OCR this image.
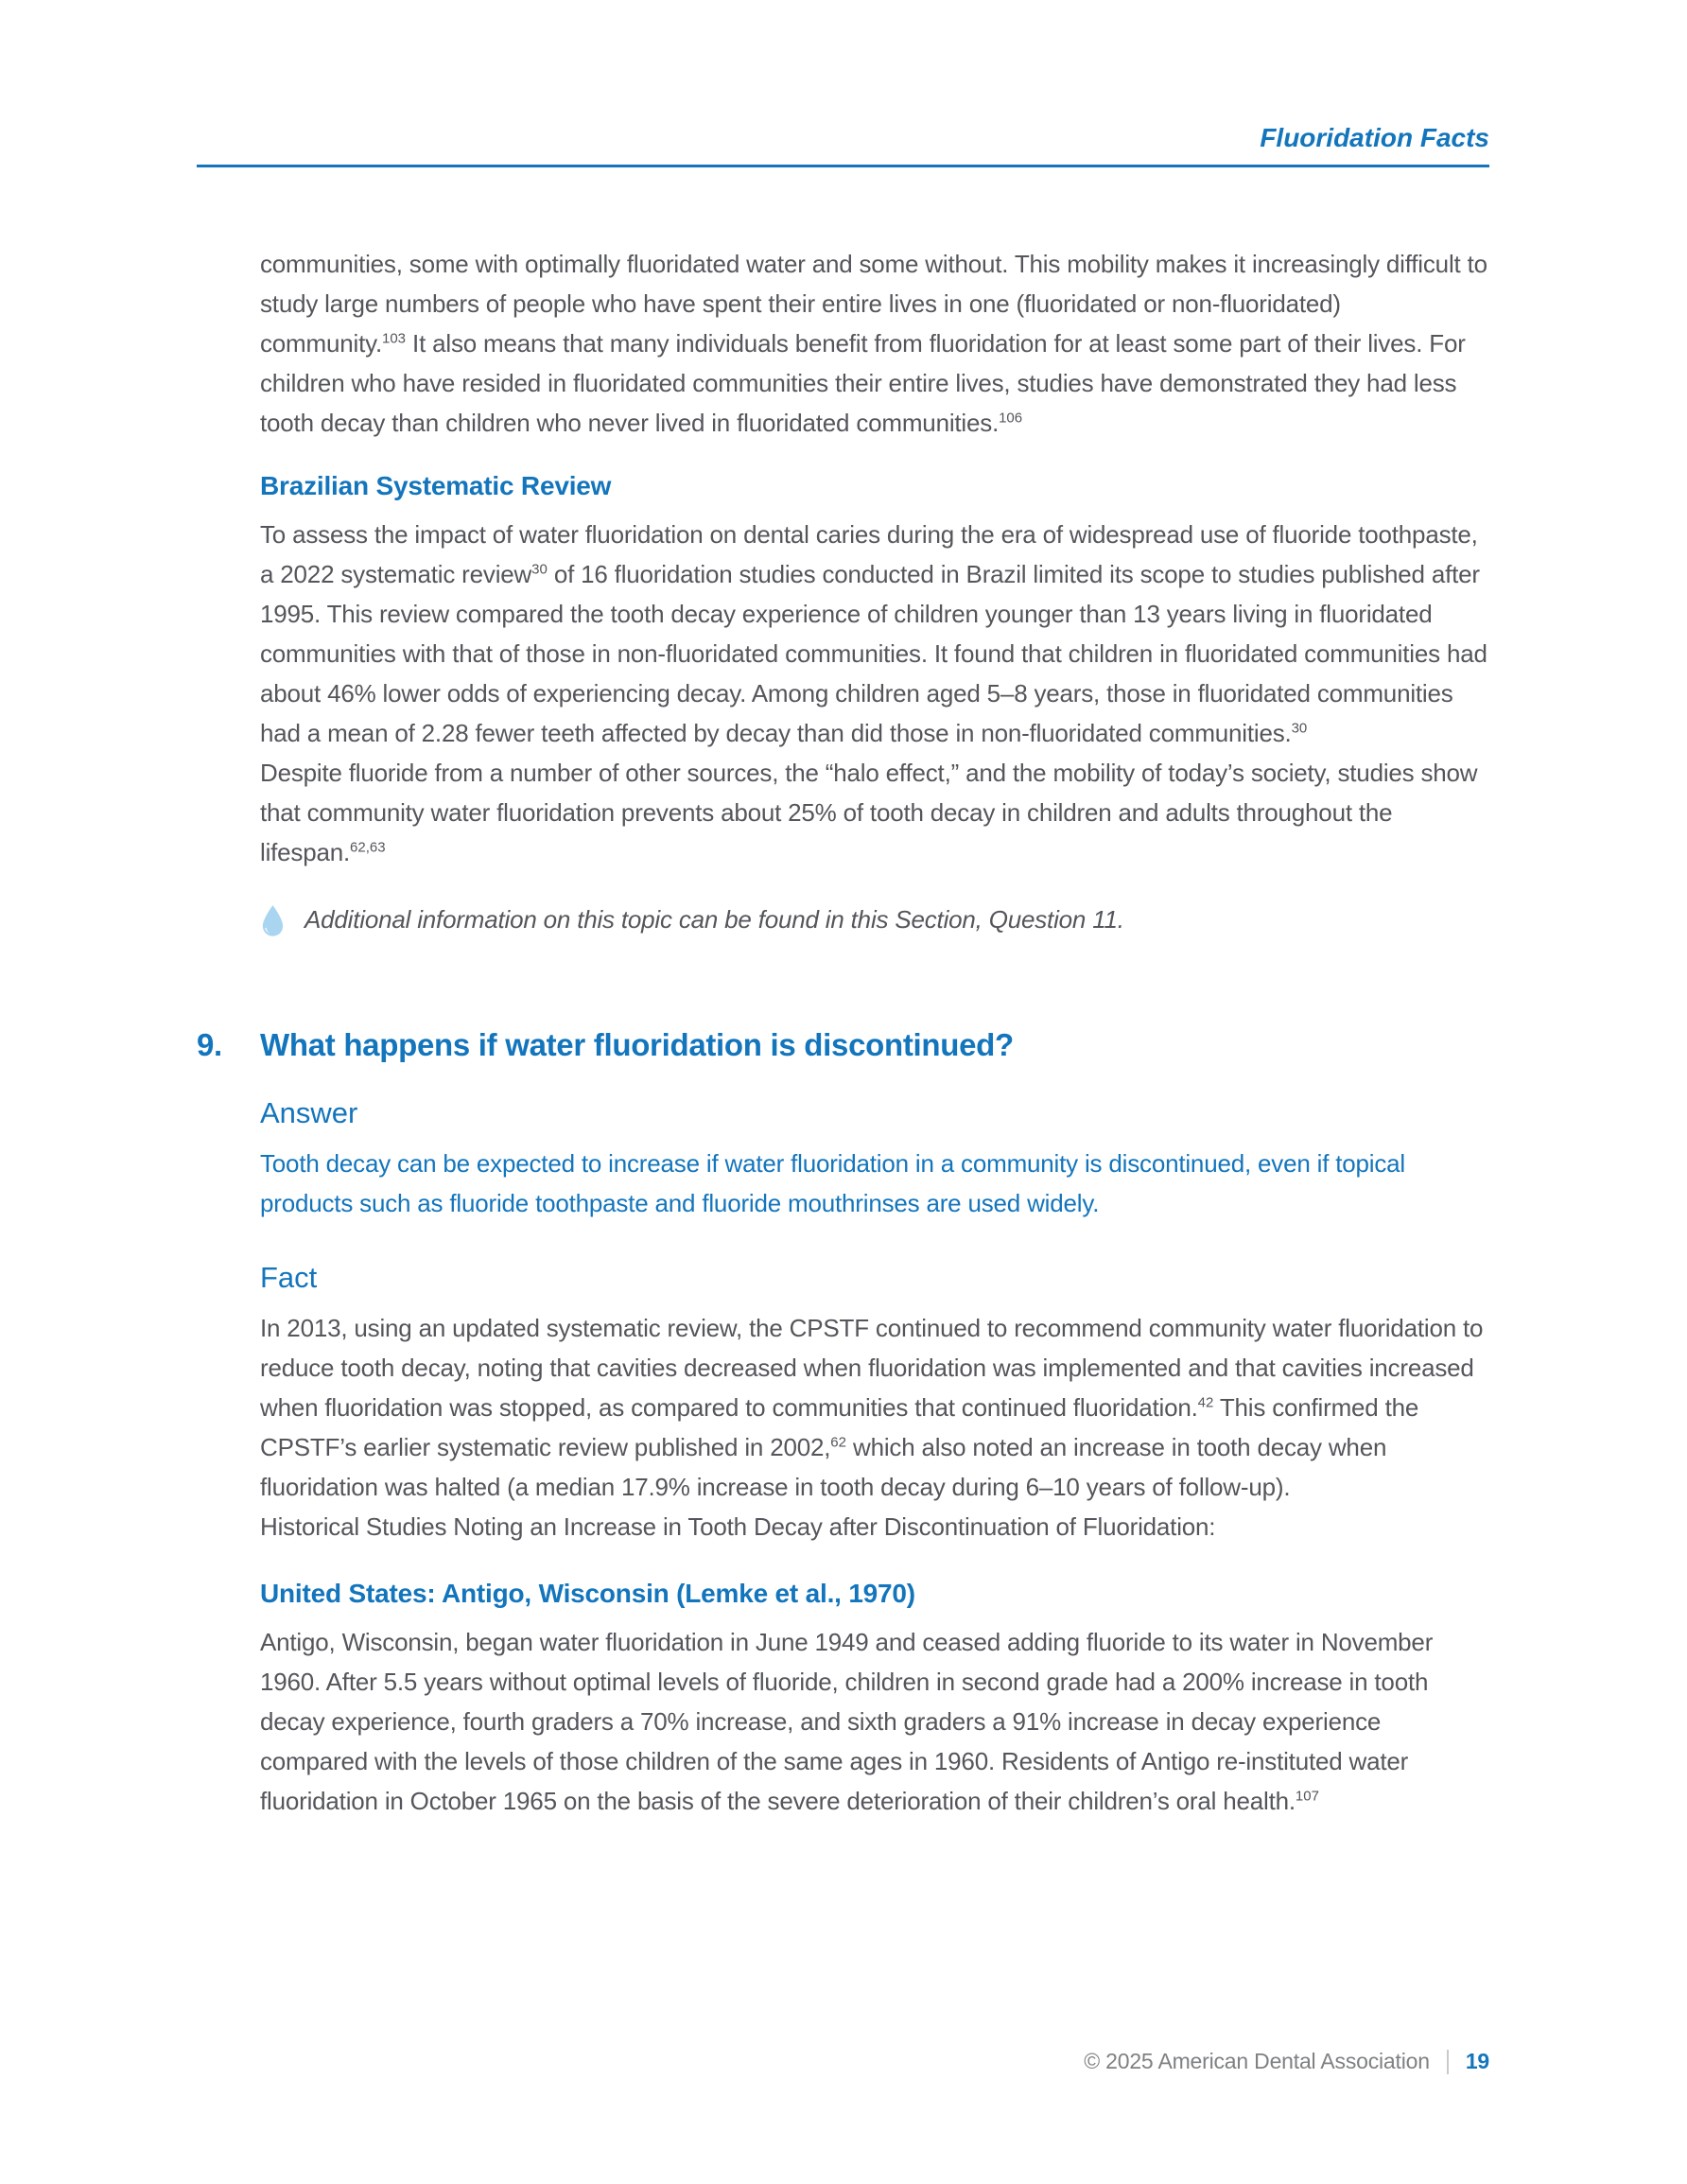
Fluoridation Facts

communities, some with optimally fluoridated water and some without. This mobility makes it increasingly difficult to study large numbers of people who have spent their entire lives in one (fluoridated or non-fluoridated) community.$^{103}$ It also means that many individuals benefit from fluoridation for at least some part of their lives. For children who have resided in fluoridated communities their entire lives, studies have demonstrated they had less tooth decay than children who never lived in fluoridated communities.$^{106}$

Brazilian Systematic Review

To assess the impact of water fluoridation on dental caries during the era of widespread use of fluoride toothpaste, a 2022 systematic review$^{30}$ of 16 fluoridation studies conducted in Brazil limited its scope to studies published after 1995. This review compared the tooth decay experience of children younger than 13 years living in fluoridated communities with that of those in non-fluoridated communities. It found that children in fluoridated communities had about 46% lower odds of experiencing decay. Among children aged 5–8 years, those in fluoridated communities had a mean of 2.28 fewer teeth affected by decay than did those in non-fluoridated communities.$^{30}$

Despite fluoride from a number of other sources, the “halo effect,” and the mobility of today’s society, studies show that community water fluoridation prevents about 25% of tooth decay in children and adults throughout the lifespan.$^{62,63}$

Additional information on this topic can be found in this Section, Question 11.
9.	What happens if water fluoridation is discontinued?
Answer

Tooth decay can be expected to increase if water fluoridation in a community is discontinued, even if topical products such as fluoride toothpaste and fluoride mouthrinses are used widely.

Fact

In 2013, using an updated systematic review, the CPSTF continued to recommend community water fluoridation to reduce tooth decay, noting that cavities decreased when fluoridation was implemented and that cavities increased when fluoridation was stopped, as compared to communities that continued fluoridation.$^{42}$ This confirmed the CPSTF’s earlier systematic review published in 2002,62 which also noted an increase in tooth decay when fluoridation was halted (a median 17.9% increase in tooth decay during 6–10 years of follow-up).

Historical Studies Noting an Increase in Tooth Decay after Discontinuation of Fluoridation:

United States: Antigo, Wisconsin (Lemke et al., 1970)

Antigo, Wisconsin, began water fluoridation in June 1949 and ceased adding fluoride to its water in November 1960. After 5.5 years without optimal levels of fluoride, children in second grade had a 200% increase in tooth decay experience, fourth graders a 70% increase, and sixth graders a 91% increase in decay experience compared with the levels of those children of the same ages in 1960. Residents of Antigo re-instituted water fluoridation in October 1965 on the basis of the severe deterioration of their children’s oral health.$^{107}$

© 2025 American Dental Association 19
